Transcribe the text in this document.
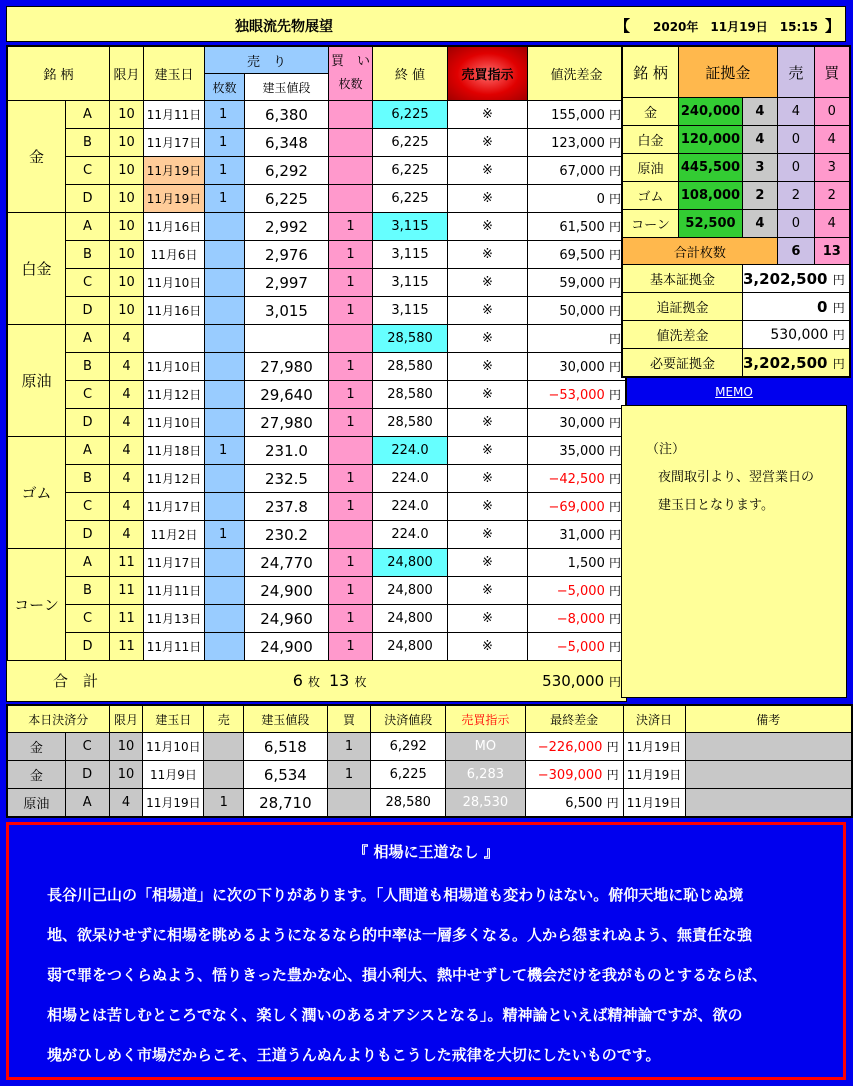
独眼流先物展望	【 2020年　11月19日　15:15 】
銘 柄		限月	建玉日	売　り		買　い
枚数	終 値	売買指示	値洗差金
				枚数	建玉値段				
金	A	10	11月11日	1	6,380		6,225	※	155,000 円
	B	10	11月17日	1	6,348		6,225	※	123,000 円
	C	10	11月19日	1	6,292		6,225	※	67,000 円
	D	10	11月19日	1	6,225		6,225	※	0 円
白金	A	10	11月16日		2,992	1	3,115	※	61,500 円
	B	10	11月6日		2,976	1	3,115	※	69,500 円
	C	10	11月10日		2,997	1	3,115	※	59,000 円
	D	10	11月16日		3,015	1	3,115	※	50,000 円
原油	A	4					28,580	※	円
	B	4	11月10日		27,980	1	28,580	※	30,000 円
	C	4	11月12日		29,640	1	28,580	※	−53,000 円
	D	4	11月10日		27,980	1	28,580	※	30,000 円
ゴム	A	4	11月18日	1	231.0		224.0	※	35,000 円
	B	4	11月12日		232.5	1	224.0	※	−42,500 円
	C	4	11月17日		237.8	1	224.0	※	−69,000 円
	D	4	11月2日	1	230.2		224.0	※	31,000 円
コーン	A	11	11月17日		24,770	1	24,800	※	1,500 円
	B	11	11月11日		24,900	1	24,800	※	−5,000 円
	C	11	11月13日		24,960	1	24,800	※	−8,000 円
	D	11	11月11日		24,900	1	24,800	※	−5,000 円
合　計			6 枚			13 枚		530,000 円	
銘 柄	証拠金		売	買
金	240,000	4	4	0
白金	120,000	4	0	4
原油	445,500	3	0	3
ゴム	108,000	2	2	2
コーン	52,500	4	0	4
合計枚数			6	13
基本証拠金		3,202,500 円		
追証拠金		0 円		
値洗差金		530,000 円		
必要証拠金		3,202,500 円		
MEMO
（注）
夜間取引より、翌営業日の
建玉日となります。
本日決済分		限月	建玉日	売	建玉値段	買	決済値段	売買指示	最終差金	決済日	備考
金	C	10	11月10日		6,518	1	6,292	MO	−226,000 円	11月19日	
金	D	10	11月9日		6,534	1	6,225	6,283	−309,000 円	11月19日	
原油	A	4	11月19日	1	28,710		28,580	28,530	6,500 円	11月19日	
『 相場に王道なし 』
長谷川己山の「相場道」に次の下りがあります。「人間道も相場道も変わりはない。俯仰天地に恥じぬ境
地、欲呆けせずに相場を眺めるようになるなら的中率は一層多くなる。人から怨まれぬよう、無責任な強
弱で罪をつくらぬよう、悟りきった豊かな心、損小利大、熱中せずして機会だけを我がものとするならば、
相場とは苦しむところでなく、楽しく潤いのあるオアシスとなる」。精神論といえば精神論ですが、欲の
塊がひしめく市場だからこそ、王道うんぬんよりもこうした戒律を大切にしたいものです。
